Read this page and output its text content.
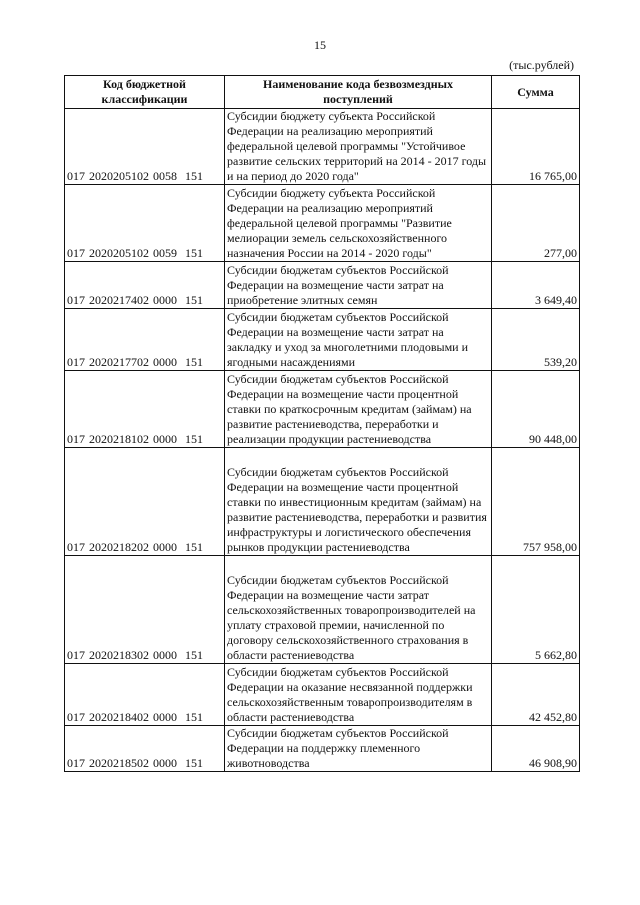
15
(тыс.рублей)
Код бюджетной классификации	Наименование кода безвозмездных поступлений	Сумма
017 2020205102 0058 151	Субсидии бюджету субъекта Российской Федерации на реализацию мероприятий федеральной целевой программы "Устойчивое развитие сельских территорий на 2014 - 2017 годы и на период до 2020 года"	16 765,00
017 2020205102 0059 151	Субсидии бюджету субъекта Российской Федерации на реализацию мероприятий федеральной целевой программы "Развитие мелиорации земель сельскохозяйственного назначения России на 2014 - 2020 годы"	277,00
017 2020217402 0000 151	Субсидии бюджетам субъектов Российской Федерации на возмещение части затрат на приобретение элитных семян	3 649,40
017 2020217702 0000 151	Субсидии бюджетам субъектов Российской Федерации на возмещение части затрат на закладку и уход за многолетними плодовыми и ягодными насаждениями	539,20
017 2020218102 0000 151	Субсидии бюджетам субъектов Российской Федерации на возмещение части процентной ставки по краткосрочным кредитам (займам) на развитие растениеводства, переработки и реализации продукции растениеводства	90 448,00
017 2020218202 0000 151	Субсидии бюджетам субъектов Российской Федерации на возмещение части процентной ставки по инвестиционным кредитам (займам) на развитие растениеводства, переработки и развития инфраструктуры и логистического обеспечения рынков продукции растениеводства	757 958,00
017 2020218302 0000 151	Субсидии бюджетам субъектов Российской Федерации на возмещение части затрат сельскохозяйственных товаропроизводителей на уплату страховой премии, начисленной по договору сельскохозяйственного страхования в области растениеводства	5 662,80
017 2020218402 0000 151	Субсидии бюджетам субъектов Российской Федерации на оказание несвязанной поддержки сельскохозяйственным товаропроизводителям в области растениеводства	42 452,80
017 2020218502 0000 151	Субсидии бюджетам субъектов Российской Федерации на поддержку племенного животноводства	46 908,90
